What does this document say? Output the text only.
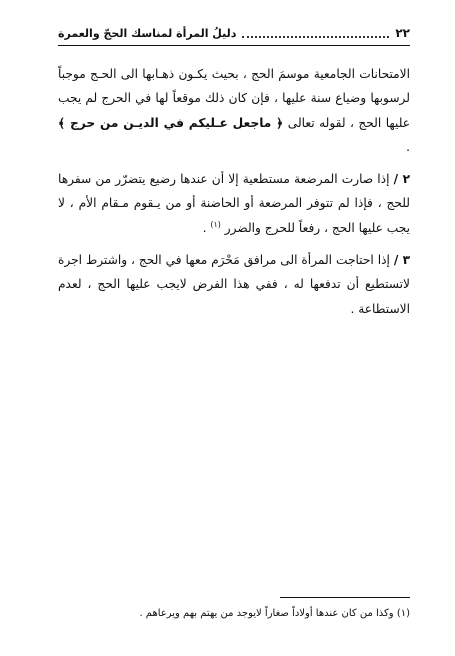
٢٢
دليلُ المرأة لمناسك الحجّ والعمرة

الامتحانات الجامعية موسمَ الحج ، بحيث يكـون ذهـابها الى الحـج موجباً لرسوبها وضياع سنة عليها ، فإن كان ذلك موقعاً لها في الحرج لم يجب عليها الحج ، لقوله تعالى ﴿ ماجعل عـليكم في الديـن من حرج ﴾ .

٢ / إذا صارت المرضعة مستطعية إلا أن عندها رضيع يتضرّر من سفرها للحج ، فإذا لم تتوفر المرضعة أو الحاضنة أو من يـقوم مـقام الأم ، لا يجب عليها الحج ، رفعاً للحرج والضرر $^{(١)}$ .

٣ / إذا احتاجت المرأة الى مرافق مَحْرَم معها في الحج ، واشترط اجرة لاتستطيع أن تدفعها له ، ففي هذا الفرض لايجب عليها الحج ، لعدم الاستطاعة .

(١) وكذا من كان عندها أولاداً صغاراً لايوجد من يهتم بهم ويرعاهم .
